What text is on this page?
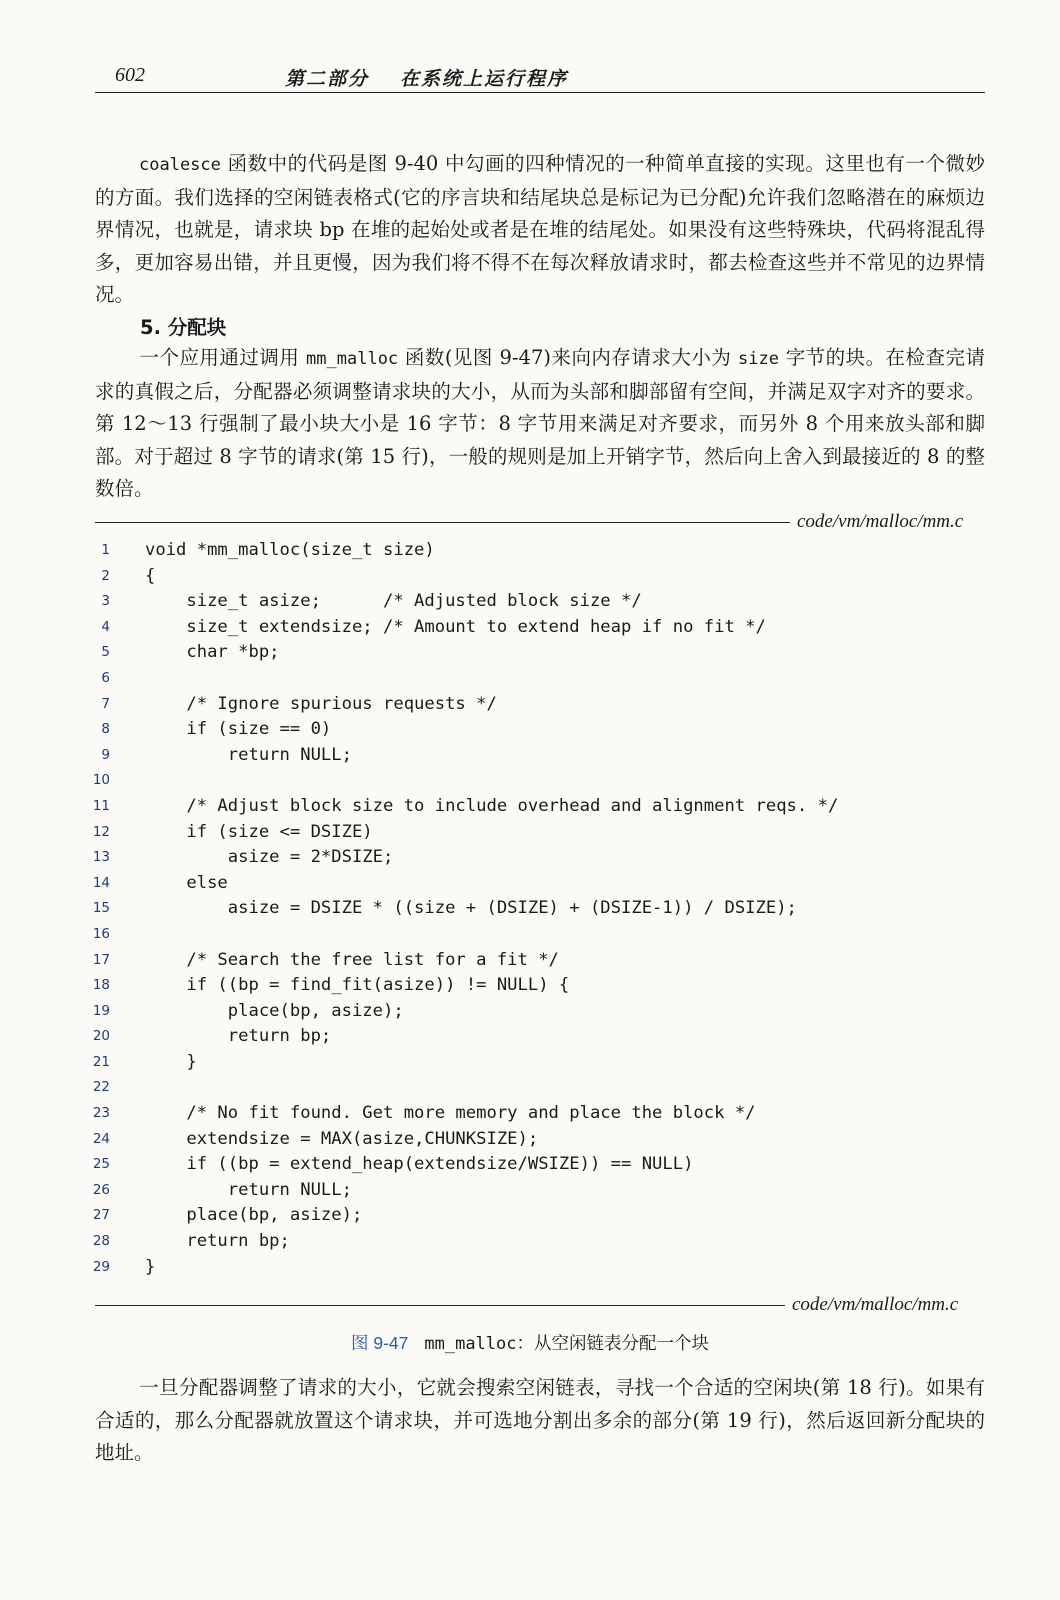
602	第二部分 在系统上运行程序

coalesce 函数中的代码是图 9-40 中勾画的四种情况的一种简单直接的实现。这里也有一个微妙的方面。我们选择的空闲链表格式(它的序言块和结尾块总是标记为已分配)允许我们忽略潜在的麻烦边界情况，也就是，请求块 bp 在堆的起始处或者是在堆的结尾处。如果没有这些特殊块，代码将混乱得多，更加容易出错，并且更慢，因为我们将不得不在每次释放请求时，都去检查这些并不常见的边界情况。

5. 分配块

一个应用通过调用 mm_malloc 函数(见图 9-47)来向内存请求大小为 size 字节的块。在检查完请求的真假之后，分配器必须调整请求块的大小，从而为头部和脚部留有空间，并满足双字对齐的要求。第 12～13 行强制了最小块大小是 16 字节：8 字节用来满足对齐要求，而另外 8 个用来放头部和脚部。对于超过 8 字节的请求(第 15 行)，一般的规则是加上开销字节，然后向上舍入到最接近的 8 的整数倍。

code/vm/malloc/mm.c
1 void *mm_malloc(size_t size)
2 {
3 size_t asize;      /* Adjusted block size */
4 size_t extendsize; /* Amount to extend heap if no fit */
5 char *bp;
6
7 /* Ignore spurious requests */
8 if (size == 0)
9 return NULL;
10
11 /* Adjust block size to include overhead and alignment reqs. */
12 if (size <= DSIZE)
13 asize = 2*DSIZE;
14 else
15 asize = DSIZE * ((size + (DSIZE) + (DSIZE-1)) / DSIZE);
16
17 /* Search the free list for a fit */
18 if ((bp = find_fit(asize)) != NULL) {
19 place(bp, asize);
20 return bp;
21 }
22
23 /* No fit found. Get more memory and place the block */
24 extendsize = MAX(asize,CHUNKSIZE);
25 if ((bp = extend_heap(extendsize/WSIZE)) == NULL)
26 return NULL;
27 place(bp, asize);
28 return bp;
29 }
code/vm/malloc/mm.c
图 9-47 mm_malloc：从空闲链表分配一个块

一旦分配器调整了请求的大小，它就会搜索空闲链表，寻找一个合适的空闲块(第 18 行)。如果有合适的，那么分配器就放置这个请求块，并可选地分割出多余的部分(第 19 行)，然后返回新分配块的地址。
